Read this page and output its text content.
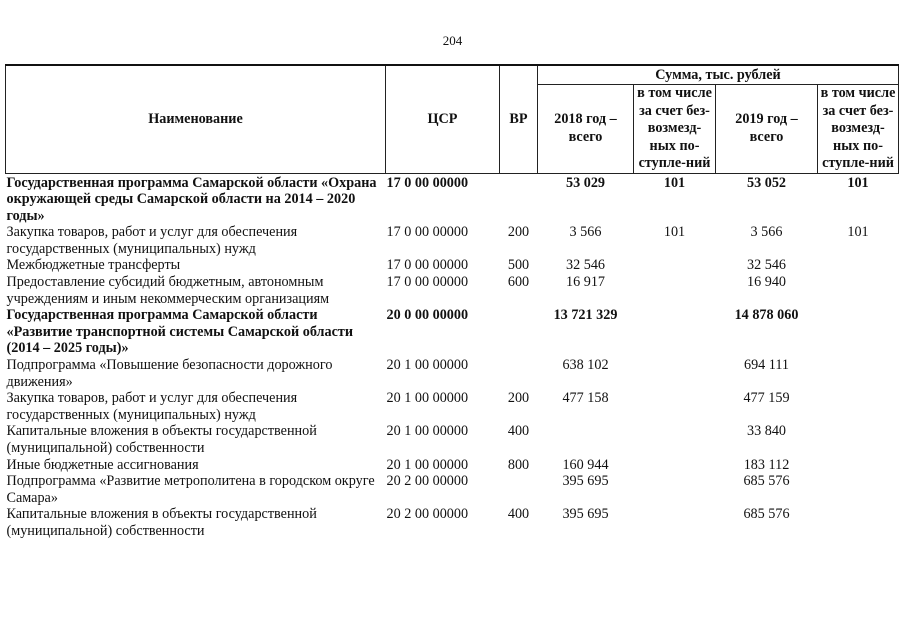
204
Наименование	ЦСР	ВР	Сумма, тыс. рублей			
			2018 год – всего	в том числе за счет без-возмезд-ных по-ступле-ний	2019 год – всего	в том числе за счет без-возмезд-ных по-ступле-ний
Государственная программа Самарской области «Охрана окружающей среды Самарской области на 2014 – 2020 годы»	17 0 00 00000		53 029	101	53 052	101
Закупка товаров, работ и услуг для обеспечения государственных (муниципальных) нужд	17 0 00 00000	200	3 566	101	3 566	101
Межбюджетные трансферты	17 0 00 00000	500	32 546		32 546	
Предоставление субсидий бюджетным, автономным учреждениям и иным некоммерческим организациям	17 0 00 00000	600	16 917		16 940	
Государственная программа Самарской области «Развитие транспортной системы Самарской области (2014 – 2025 годы)»	20 0 00 00000		13 721 329		14 878 060	
Подпрограмма «Повышение безопасности дорожного движения»	20 1 00 00000		638 102		694 111	
Закупка товаров, работ и услуг для обеспечения государственных (муниципальных) нужд	20 1 00 00000	200	477 158		477 159	
Капитальные вложения в объекты государственной (муниципальной) собственности	20 1 00 00000	400			33 840	
Иные бюджетные ассигнования	20 1 00 00000	800	160 944		183 112	
Подпрограмма «Развитие метрополитена в городском округе Самара»	20 2 00 00000		395 695		685 576	
Капитальные вложения в объекты государственной (муниципальной) собственности	20 2 00 00000	400	395 695		685 576	
